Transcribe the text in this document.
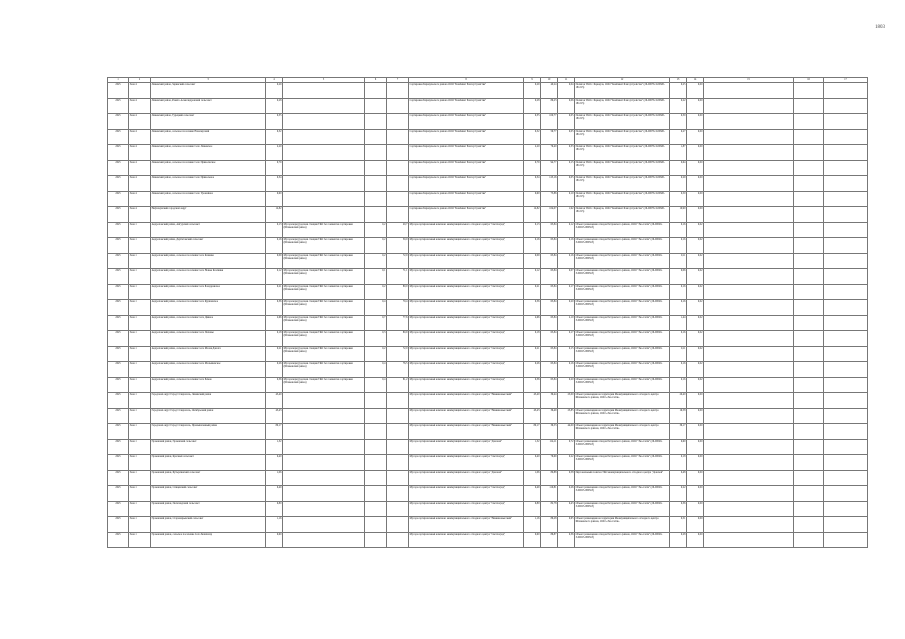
1803
1	2	3	4	5	6	7	8	9	10	11	12	13	14	15	16	17
2025	Зона 4	Линевский район, Заринский сельсовет	0,29				Сортировка Барнаульского района ООО "Комбинат Благоустройства"	0,29	40,24	0,04	Полигон ТКО г. Барнаула, ООО "Комбинат Благоустройства" (26-00076-З-00820-181215)	0,25	0,00			
2025	Зона 4	Линевский район, Ракито-Александровский сельсовет	0,28				Сортировка Барнаульского района ООО "Комбинат Благоустройства"	0,28	86,23	0,06	Полигон ТКО г. Барнаула, ООО "Комбинат Благоустройства" (26-00076-З-00820-181215)	0,22	0,00			
2025	Зона 4	Линевский район, Турецкий сельсовет	0,35				Сортировка Барнаульского района ООО "Комбинат Благоустройства"	0,35	100,77	0,05	Полигон ТКО г. Барнаула, ООО "Комбинат Благоустройства" (26-00076-З-00820-181215)	0,30	0,00			
2025	Зона 4	Линевский район, сельское поселение Новоперский	0,32				Сортировка Барнаульского района ООО "Комбинат Благоустройства"	0,32	59,77	0,05	Полигон ТКО г. Барнаула, ООО "Комбинат Благоустройства" (26-00076-З-00820-181215)	0,27	0,00			
2025	Зона 4	Линевский район, сельское поселение Село Линевское	2,20				Сортировка Барнаульского района ООО "Комбинат Благоустройства"	2,20	79,40	0,33	Полигон ТКО г. Барнаула, ООО "Комбинат Благоустройства" (26-00076-З-00820-181215)	1,87	0,00			
2025	Зона 4	Линевский район, сельское поселение Село Приволжское	0,79				Сортировка Барнаульского района ООО "Комбинат Благоустройства"	0,79	94,77	0,15	Полигон ТКО г. Барнаула, ООО "Комбинат Благоустройства" (26-00076-З-00820-181215)	0,64	0,00			
2025	Зона 4	Линевский район, сельское поселение Село Привольное	0,34				Сортировка Барнаульского района ООО "Комбинат Благоустройства"	0,34	123,16	0,05	Полигон ТКО г. Барнаула, ООО "Комбинат Благоустройства" (26-00076-З-00820-181215)	0,29	0,00			
2025	Зона 4	Линевский район, сельское поселение Село Урожайное	0,60				Сортировка Барнаульского района ООО "Комбинат Благоустройства"	0,60	75,86	0,10	Полигон ТКО г. Барнаула, ООО "Комбинат Благоустройства" (26-00076-З-00820-181215)	0,50	0,00			
2025	Зона 4	Нефтекумский городской округ	12,82				Сортировка Барнаульского района ООО "Комбинат Благоустройства"	12,82	104,07	1,92	Полигон ТКО г. Барнаула, ООО "Комбинат Благоустройства" (26-00076-З-00820-181215)	10,90	0,00			
2025	Зона 1	Андроповский район, Айгурский сельсовет	0,13	Мусороперегрузочная станция ТКО без элементов сортировки (Шпаковский район)	0,2	20,7	Мусоросортировочный комплекс межмуниципального отходного центра "Светлоград"	0,13	65,84	0,12	Объект размещения отходов Петровского района, ООО "Эко-Сити" (26-00026-З-00025-080318)	0,16	0,02			
2025	Зона 1	Андроповский район, Дербетовский сельсовет	0,16	Мусороперегрузочная станция ТКО без элементов сортировки (Шпаковский район)	0,2	30,0	Мусоросортировочный комплекс межмуниципального отходного центра "Светлоград"	0,16	65,84	0,16	Объект размещения отходов Петровского района, ООО "Эко-Сити" (26-00026-З-00025-080318)	0,16	0,02			
2025	Зона 1	Андроповский район, сельское поселение Село Казинка	0,09	Мусороперегрузочная станция ТКО без элементов сортировки (Шпаковский район)	0,2	72,0	Мусоросортировочный комплекс межмуниципального отходного центра "Светлоград"	0,09	65,84	0,16	Объект размещения отходов Петровского района, ООО "Эко-Сити" (26-00026-З-00025-080318)	0,11	0,02			
2025	Зона 1	Андроповский район, сельское поселение Село Новые Козлянки	0,12	Мусороперегрузочная станция ТКО без элементов сортировки (Шпаковский район)	0,1	71,1	Мусоросортировочный комплекс межмуниципального отходного центра "Светлоград"	0,12	65,84	0,07	Объект размещения отходов Петровского района, ООО "Эко-Сити" (26-00026-З-00025-080318)	0,06	0,02			
2025	Зона 1	Андроповский район, сельское поселение Село Бондаревское	0,21	Мусороперегрузочная станция ТКО без элементов сортировки (Шпаковский район)	0,2	80,0	Мусоросортировочный комплекс межмуниципального отходного центра "Светлоград"	0,21	65,84	0,17	Объект размещения отходов Петровского района, ООО "Эко-Сити" (26-00026-З-00025-080318)	0,16	0,02			
2025	Зона 1	Андроповский район, сельское поселение Село Куршавское	0,36	Мусороперегрузочная станция ТКО без элементов сортировки (Шпаковский район)	0,4	70,4	Мусоросортировочный комплекс межмуниципального отходного центра "Светлоград"	0,36	65,84	0,20	Объект размещения отходов Петровского района, ООО "Эко-Сити" (26-00026-З-00025-080318)	0,16	0,02			
2025	Зона 1	Андроповский район, сельское поселение Село Дивное	2,66	Мусороперегрузочная станция ТКО без элементов сортировки (Шпаковский район)	0,7	77,6	Мусоросортировочный комплекс межмуниципального отходного центра "Светлоград"	2,66	65,84	2,10	Объект размещения отходов Петровского района, ООО "Эко-Сити" (26-00026-З-00025-080318)	1,44	0,02			
2025	Зона 1	Андроповский район, сельское поселение Село Пахомы	0,18	Мусороперегрузочная станция ТКО без элементов сортировки (Шпаковский район)	0,3	80,9	Мусоросортировочный комплекс межмуниципального отходного центра "Светлоград"	0,18	65,84	0,17	Объект размещения отходов Петровского района, ООО "Эко-Сити" (26-00026-З-00025-080318)	0,16	0,02			
2025	Зона 1	Андроповский район, сельское поселение Село Малая Джалга	0,21	Мусороперегрузочная станция ТКО без элементов сортировки (Шпаковский район)	0,2	72,0	Мусоросортировочный комплекс межмуниципального отходного центра "Светлоград"	0,21	65,84	0,15	Объект размещения отходов Петровского района, ООО "Эко-Сити" (26-00026-З-00025-080318)	0,11	0,02			
2025	Зона 1	Андроповский район, сельское поселение Село Малышевское	0,26	Мусороперегрузочная станция ТКО без элементов сортировки (Шпаковский район)	0,4	76,5	Мусоросортировочный комплекс межмуниципального отходного центра "Светлоград"	0,26	65,84	0,16	Объект размещения отходов Петровского района, ООО "Эко-Сити" (26-00026-З-00025-080318)	0,16	0,02			
2025	Зона 1	Андроповский район, сельское поселение Село Ремов	0,36	Мусороперегрузочная станция ТКО без элементов сортировки (Шпаковский район)	0,4	81,2	Мусоросортировочный комплекс межмуниципального отходного центра "Светлоград"	0,36	65,84	0,20	Объект размещения отходов Петровского района, ООО "Эко-Сити" (26-00026-З-00025-080318)	0,16	0,02			
2025	Зона 1	Городской округ Город Ставрополь, Ленинский район	45,40				Мусоросортировочный комплекс межмуниципального отходного центра "Невинномысский"	45,40	39,44	25,00	Объект размещения на территории Межмуниципального отходного центра Шпаковского района, ООО «Эко-Сити»	20,40	0,00			
2025	Зона 1	Городской округ Город Ставрополь, Октябрьский район	43,43				Мусоросортировочный комплекс межмуниципального отходного центра "Невинномысский"	43,43	36,49	23,85	Объект размещения на территории Межмуниципального отходного центра Шпаковского района, ООО «Эко-Сити»	19,58	0,00			
2025	Зона 1	Городской округ Город Ставрополь, Промышленный район	80,17				Мусоросортировочный комплекс межмуниципального отходного центра "Невинномысский"	80,17	36,53	44,00	Объект размещения на территории Межмуниципального отходного центра Шпаковского района, ООО «Эко-Сити»	36,17	0,00			
2025	Зона 1	Грачевский район, Грачевский сельсовет	1,32				Мусоросортировочный комплекс межмуниципального отходного центра "Донской"	1,32	114,11	0,72	Объект размещения отходов Петровского района, ООО "Эко-Сити" (26-00026-З-00025-080318)	0,60	0,00			
2025	Зона 1	Грачевский район, Красный сельсовет	0,40				Мусоросортировочный комплекс межмуниципального отходного центра "Светлоград"	0,40	76,69	0,22	Объект размещения отходов Петровского района, ООО "Эко-Сити" (26-00026-З-00025-080318)	0,18	0,00			
2025	Зона 1	Грачевский район, Бутырлинский сельсовет	1,06				Мусоросортировочный комплекс межмуниципального отходного центра "Донской"	1,06	80,88	0,58	Персональный полигон ТКО межмуниципального отходного центра "Донской"	0,48	0,00			
2025	Зона 1	Грачевский район, Спицевский сельсовет	0,49				Мусоросортировочный комплекс межмуниципального отходного центра "Светлоград"	0,49	110,81	0,26	Объект размещения отходов Петровского района, ООО "Эко-Сити" (26-00026-З-00025-080318)	0,22	0,00			
2025	Зона 1	Грачевский район, Пелагиадский сельсовет	0,80				Мусоросортировочный комплекс межмуниципального отходного центра "Светлоград"	0,80	82,78	0,43	Объект размещения отходов Петровского района, ООО "Эко-Сити" (26-00026-З-00025-080318)	0,36	0,00			
2025	Зона 1	Грачевский район, Старомарьевский сельсовет	1,16				Мусоросортировочный комплекс межмуниципального отходного центра "Невинномысский"	1,16	86,28	0,65	Объект размещения на территории Межмуниципального отходного центра Шпаковского района, ООО «Эко-Сити»	0,51	0,00			
2025	Зона 1	Грачевский район, сельское поселение Село Бешпагир	0,60				Мусоросортировочный комплекс межмуниципального отходного центра "Светлоград"	0,60	86,87	0,36	Объект размещения отходов Петровского района, ООО "Эко-Сити" (26-00026-З-00025-080318)	0,28	0,00			
